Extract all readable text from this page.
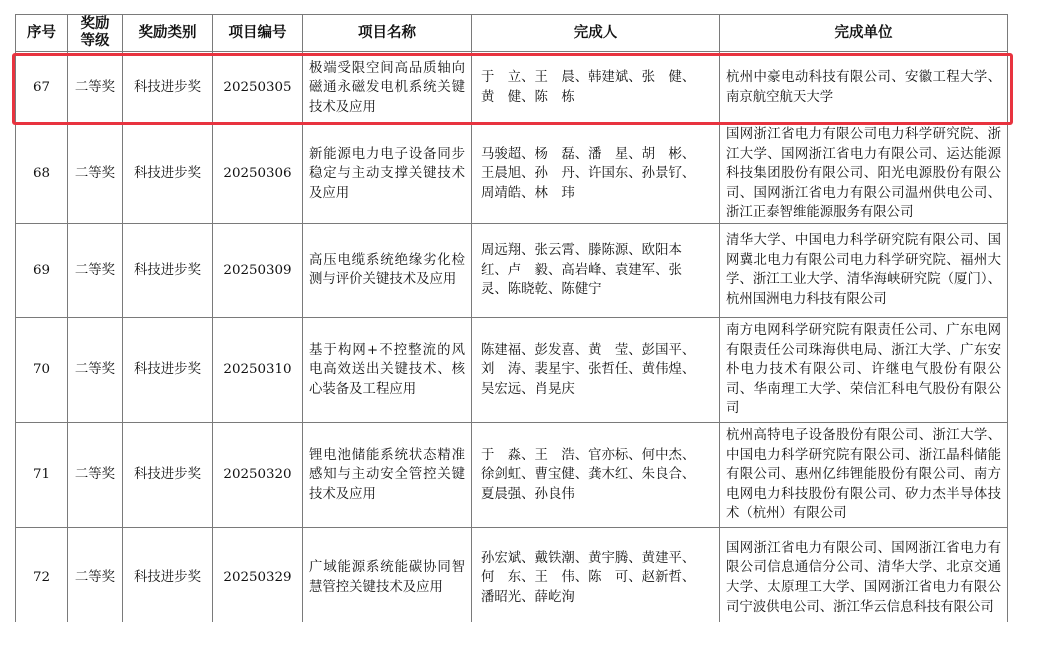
序号	奖励等级	奖励类别	项目编号	项目名称	完成人	完成单位
67	二等奖	科技进步奖	20250305	极端受限空间高品质轴向磁通永磁发电机系统关键技术及应用	于　立、王　晨、韩建斌、张　健、
黄　健、陈　栋	杭州中豪电动科技有限公司、安徽工程大学、南京航空航天大学
68	二等奖	科技进步奖	20250306	新能源电力电子设备同步稳定与主动支撑关键技术及应用	马骏超、杨　磊、潘　星、胡　彬、
王晨旭、孙　丹、许国东、孙景钌、
周靖皓、林　玮	国网浙江省电力有限公司电力科学研究院、浙江大学、国网浙江省电力有限公司、运达能源科技集团股份有限公司、阳光电源股份有限公司、国网浙江省电力有限公司温州供电公司、浙江正泰智维能源服务有限公司
69	二等奖	科技进步奖	20250309	高压电缆系统绝缘劣化检测与评价关键技术及应用	周远翔、张云霄、滕陈源、欧阳本
红、卢　毅、高岩峰、袁建军、张
灵、陈晓乾、陈健宁	清华大学、中国电力科学研究院有限公司、国网冀北电力有限公司电力科学研究院、福州大学、浙江工业大学、清华海峡研究院（厦门）、杭州国洲电力科技有限公司
70	二等奖	科技进步奖	20250310	基于构网+不控整流的风电高效送出关键技术、核心装备及工程应用	陈建福、彭发喜、黄　莹、彭国平、
刘　涛、裴星宇、张哲任、黄伟煌、
吴宏远、肖晃庆	南方电网科学研究院有限责任公司、广东电网有限责任公司珠海供电局、浙江大学、广东安朴电力技术有限公司、许继电气股份有限公司、华南理工大学、荣信汇科电气股份有限公司
71	二等奖	科技进步奖	20250320	锂电池储能系统状态精准感知与主动安全管控关键技术及应用	于　淼、王　浩、官亦标、何中杰、
徐剑虹、曹宝健、龚木红、朱良合、
夏晨强、孙良伟	杭州高特电子设备股份有限公司、浙江大学、中国电力科学研究院有限公司、浙江晶科储能有限公司、惠州亿纬锂能股份有限公司、南方电网电力科技股份有限公司、矽力杰半导体技术（杭州）有限公司
72	二等奖	科技进步奖	20250329	广域能源系统能碳协同智慧管控关键技术及应用	孙宏斌、戴铁潮、黄宇腾、黄建平、
何　东、王　伟、陈　可、赵新哲、
潘昭光、薛屹洵	国网浙江省电力有限公司、国网浙江省电力有限公司信息通信分公司、清华大学、北京交通大学、太原理工大学、国网浙江省电力有限公司宁波供电公司、浙江华云信息科技有限公司
